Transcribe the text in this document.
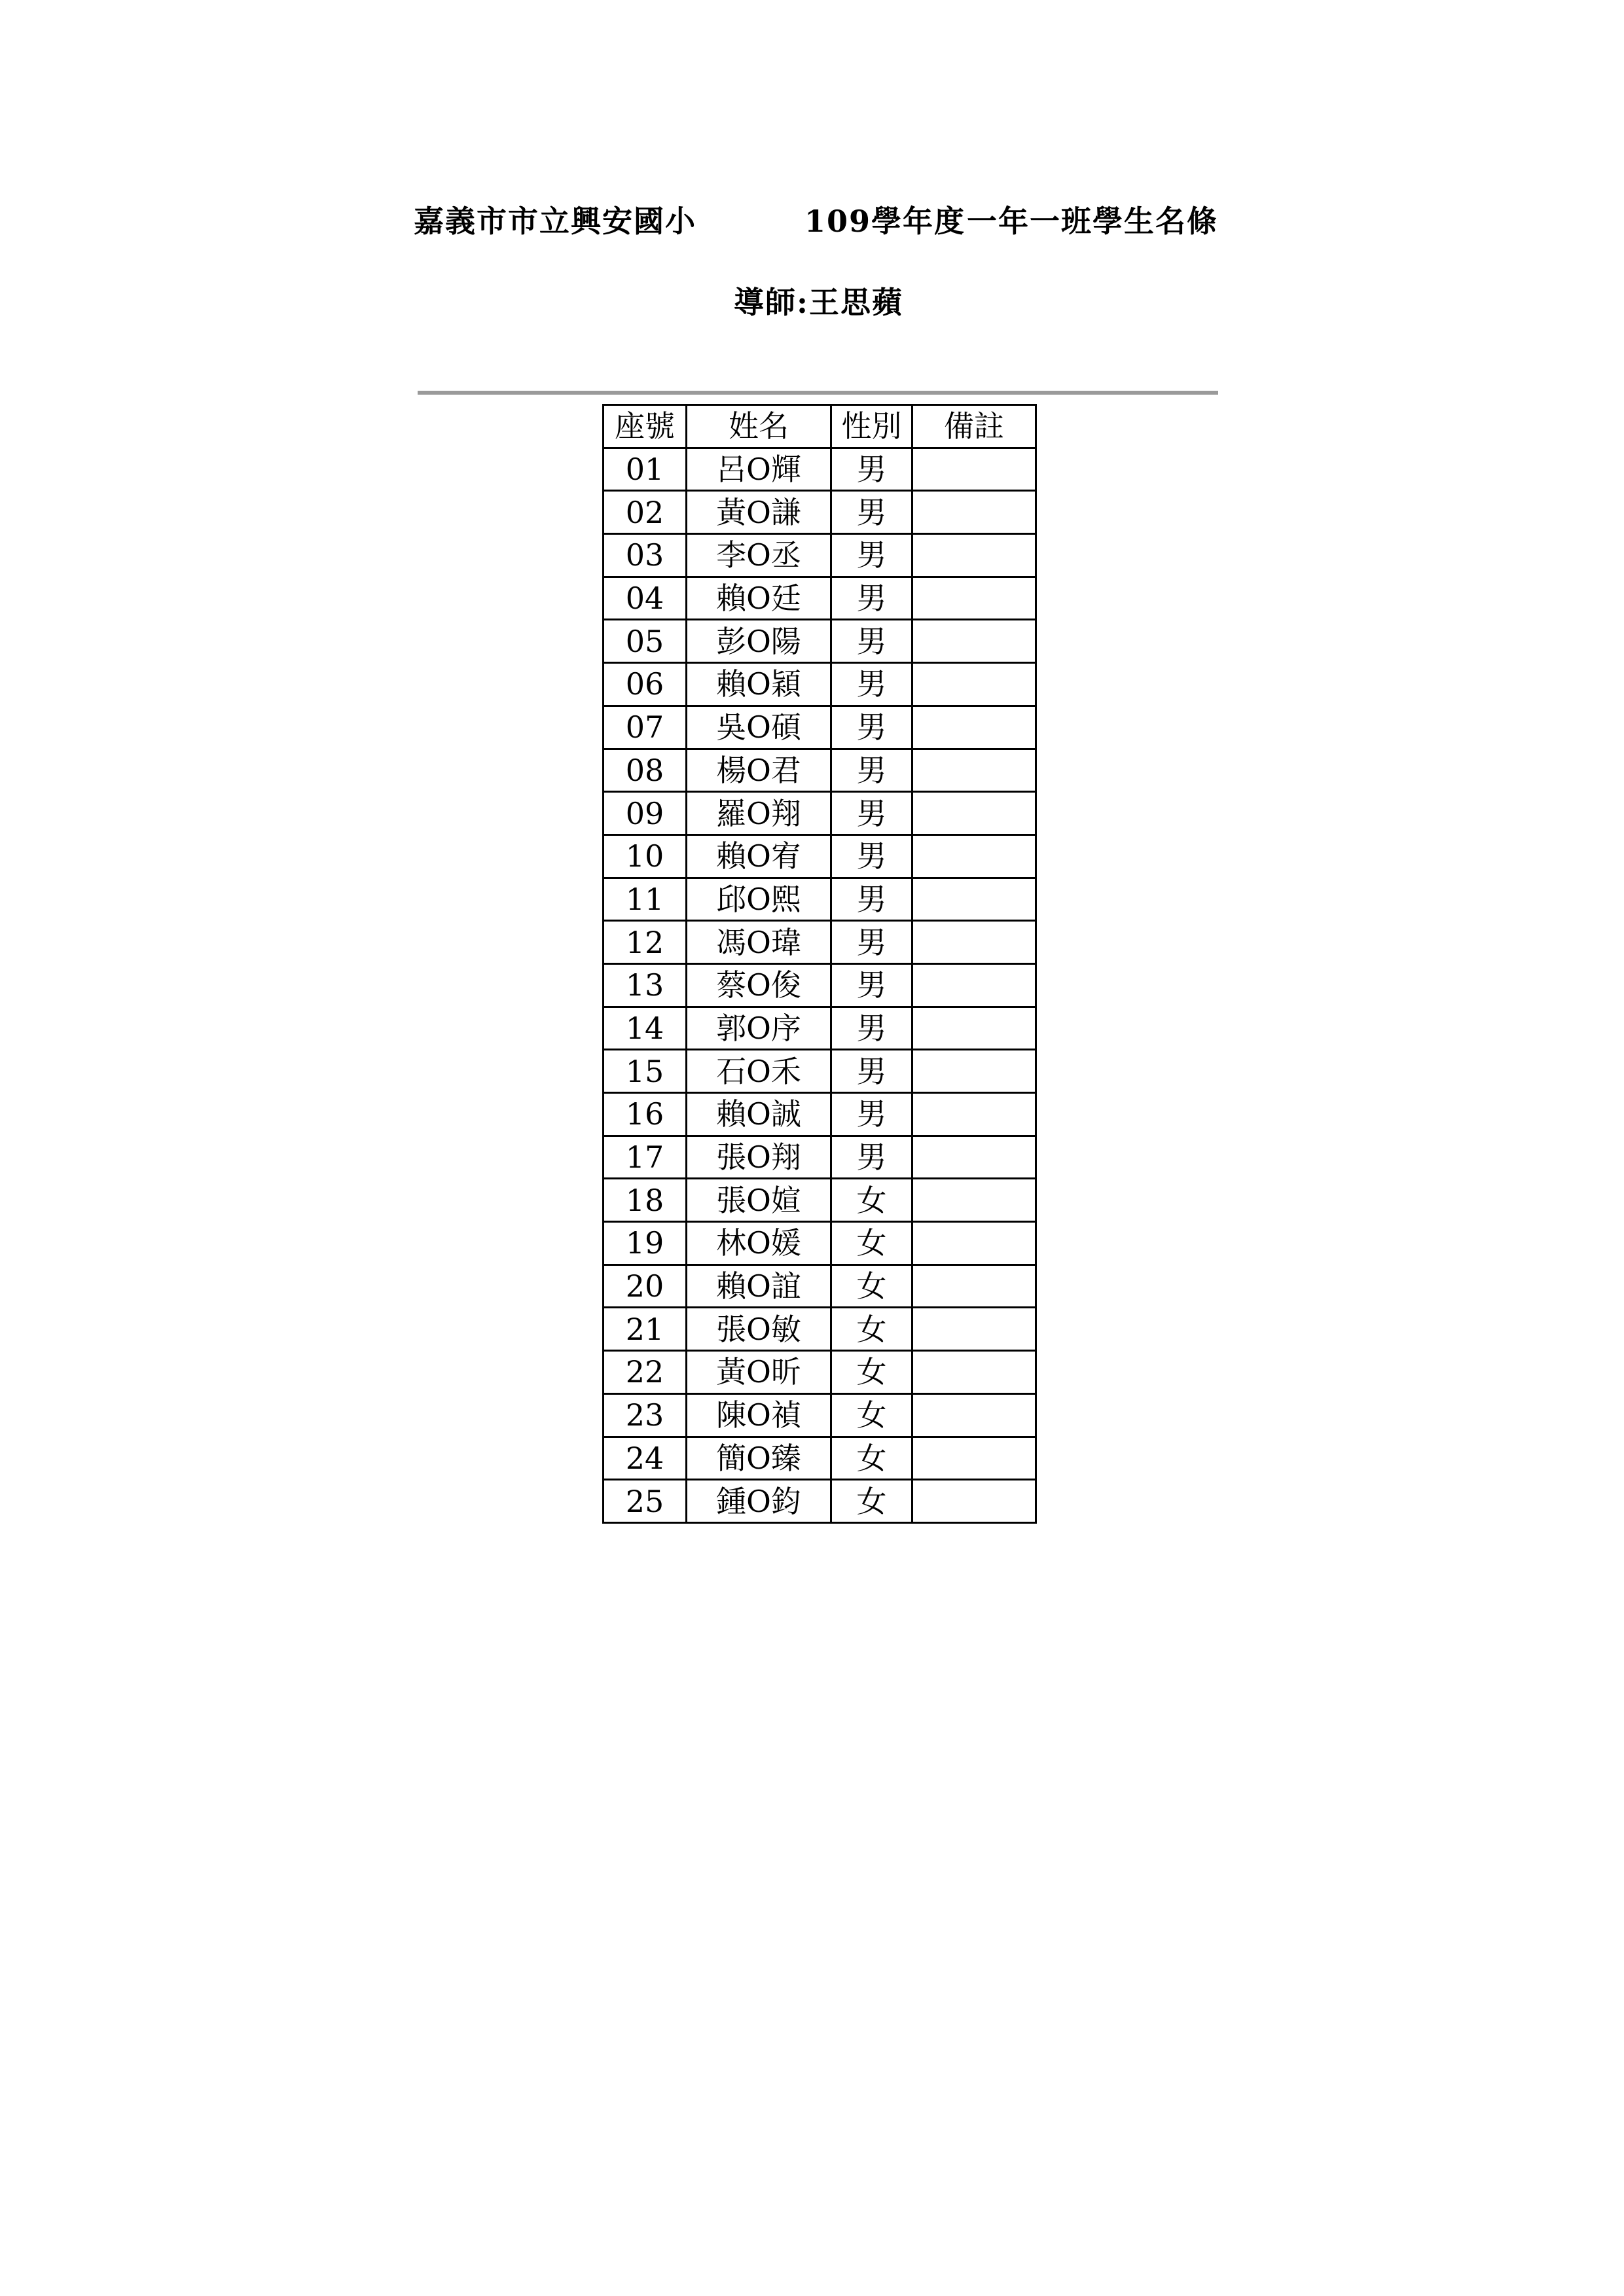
嘉義市市立興安國小	109學年度 一年一班學生名條
導師:王思蘋
座號	姓名	性別	備註
01	呂O輝	男	
02	黃O謙	男	
03	李O丞	男	
04	賴O廷	男	
05	彭O陽	男	
06	賴O穎	男	
07	吳O碩	男	
08	楊O君	男	
09	羅O翔	男	
10	賴O宥	男	
11	邱O熙	男	
12	馮O瑋	男	
13	蔡O俊	男	
14	郭O序	男	
15	石O禾	男	
16	賴O誠	男	
17	張O翔	男	
18	張O媗	女	
19	林O媛	女	
20	賴O誼	女	
21	張O敏	女	
22	黃O昕	女	
23	陳O禎	女	
24	簡O臻	女	
25	鍾O鈞	女	
